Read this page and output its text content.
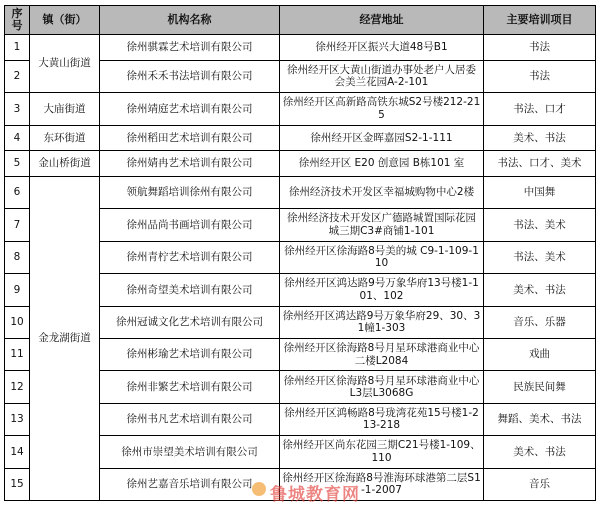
序号	镇（街）	机构名称	经营地址	主要培训项目
1	大黄山街道	徐州骐霖艺术培训有限公司	徐州经开区振兴大道48号B1	书法
2		徐州禾禾书法培训有限公司	徐州经开区大黄山街道办事处老户人居委会美兰花园A-2-101	书法
3	大庙街道	徐州靖庭艺术培训有限公司	徐州经开区高新路高铁东城S2号楼212-215	书法、口才
4	东环街道	徐州稻田艺术培训有限公司	徐州经开区金晖嘉园S2-1-111	美术、书法
5	金山桥街道	徐州婧冉艺术培训有限公司	徐州经开区 E20 创意园 B栋101 室	书法、口才、美术
6	金龙湖街道	领航舞蹈培训徐州有限公司	徐州经济技术开发区幸福城购物中心2楼	中国舞
7		徐州品尚书画培训有限公司	徐州经济技术开发区广德路城置国际花园城三期C3#商铺1-101	书法、美术
8		徐州青柠艺术培训有限公司	徐州经开区徐海路8号美的城 C9-1-109-110	书法、美术
9		徐州奇望美术培训有限公司	徐州经开区鸿达路9号万象华府13号楼1-101、102	美术、书法
10		徐州冠诚文化艺术培训有限公司	徐州经开区鸿达路9号万象华府29、30、31幢1-303	音乐、乐器
11		徐州彬瑜艺术培训有限公司	徐州经开区徐海路8号月星环球港商业中心二楼L2084	戏曲
12		徐州非繁艺术培训有限公司	徐州经开区徐海路8号月星环球港商业中心L3层L3068G	民族民间舞
13		徐州书凡艺术培训有限公司	徐州经开区鸿畅路8号珑湾花苑15号楼1-213-218	舞蹈、美术、书法
14		徐州市崇望美术培训有限公司	徐州经开区尚东花园三期C21号楼1-109、110	美术、书法
15		徐州艺嘉音乐培训有限公司	徐州经开区徐海路8号淮海环球港第二层S1-1-2007	音乐
鲁城教育网
